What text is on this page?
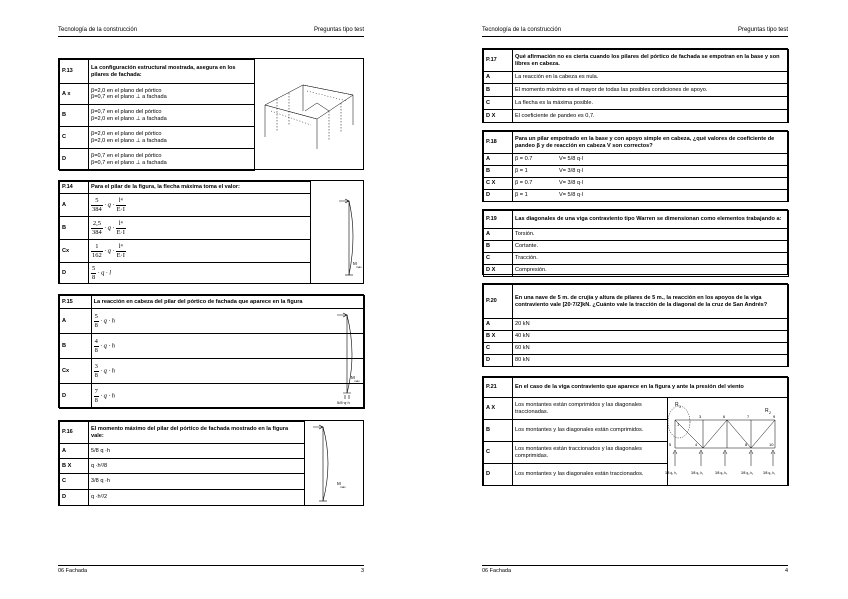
Tecnología de la construcción	Preguntas tipo test
P.13	La configuración estructural mostrada, asegura en los pilares de fachada:
A x	β=2,0 en el plano del pórtico
β=0,7 en el plano ⊥ a fachada

B	β=0,7 en el plano del pórtico
β=2,0 en el plano ⊥ a fachada

C	β=2,0 en el plano del pórtico
β=2,0 en el plano ⊥ a fachada

D	β=0,7 en el plano del pórtico
β=0,7 en el plano ⊥ a fachada
P.14	Para el pilar de la figura, la flecha máxima toma el valor:
A	$\frac{5}{384} \cdot q \cdot \frac{\text{l⁴}}{E\cdot I}$

B	$\frac{2,5}{384} \cdot q \cdot \frac{\text{l⁴}}{E\cdot I}$

Cx	$\frac{1}{162} \cdot q \cdot \frac{\text{l⁴}}{E\cdot I}$

D	$\frac{5}{8} \cdot q \cdot l$
M
máx
P.15	La reacción en cabeza del pilar del pórtico de fachada que aparece en la figura
A	$\frac{5}{8} \cdot q \cdot h$
B	$\frac{4}{8} \cdot q \cdot h$
Cx	$\frac{3}{8} \cdot q \cdot h$
D	$\frac{7}{8} \cdot q \cdot h$
M
máx
5/8·q·h
P.16	El momento máximo del pilar del pórtico de fachada mostrado en la figura vale:
A	5/8 q ·h
B X	q ·h²/8
C	3/8 q ·h
D	q ·h²/2
M
máx
06 Fachada	3
Tecnología de la construcción	Preguntas tipo test
P.17	Qué afirmación no es cierta cuando los pilares del pórtico de fachada se empotran en la base y son libres en cabeza.
A	La reacción en la cabeza es nula.
B	El momento máximo es el mayor de todas las posibles condiciones de apoyo.
C	La flecha es la máxima posible.
D X	El coeficiente de pandeo es 0,7.
P.18	Para un pilar empotrado en la base y con apoyo simple en cabeza, ¿qué valores de coeficiente de pandeo β y de reacción en cabeza V son correctos?	
A	β = 0.7	V= 5/8 q·l
B	β = 1	V= 3/8 q·l
C X	β = 0.7	V= 3/8 q·l
D	β = 1	V= 5/8 q·l
P.19	Las diagonales de una viga contraviento tipo Warren se dimensionan como elementos trabajando a:
A	Torsión.
B	Cortante.
C	Tracción.
D X	Compresión.
P.20	En una nave de 5 m. de crujía y altura de pilares de 5 m., la reacción en los apoyos de la viga contraviento vale [20·7/2]kN. ¿Cuánto vale la tracción de la diagonal de la cruz de San Andrés?
A	20 kN
B X	40 kN
C	60 kN
D	80 kN
P.21	En el caso de la viga contraviento que aparece en la figura y ante la presión del viento	
A X	Los montantes están comprimidos y las diagonales traccionadas.	
B	Los montantes y las diagonales están comprimidos.	
C	Los montantes están traccionados y las diagonales comprimidas.	
D	Los montantes y las diagonales están traccionados.	
R 1
R 2
1
3	6	7	9
5	4	8	10
3/8 q₁ h₁	3/8 q₂ h₂	3/8 q₃ h₃	3/8 q₄ h₄	3/8 q₅ h₅
06 Fachada	4
